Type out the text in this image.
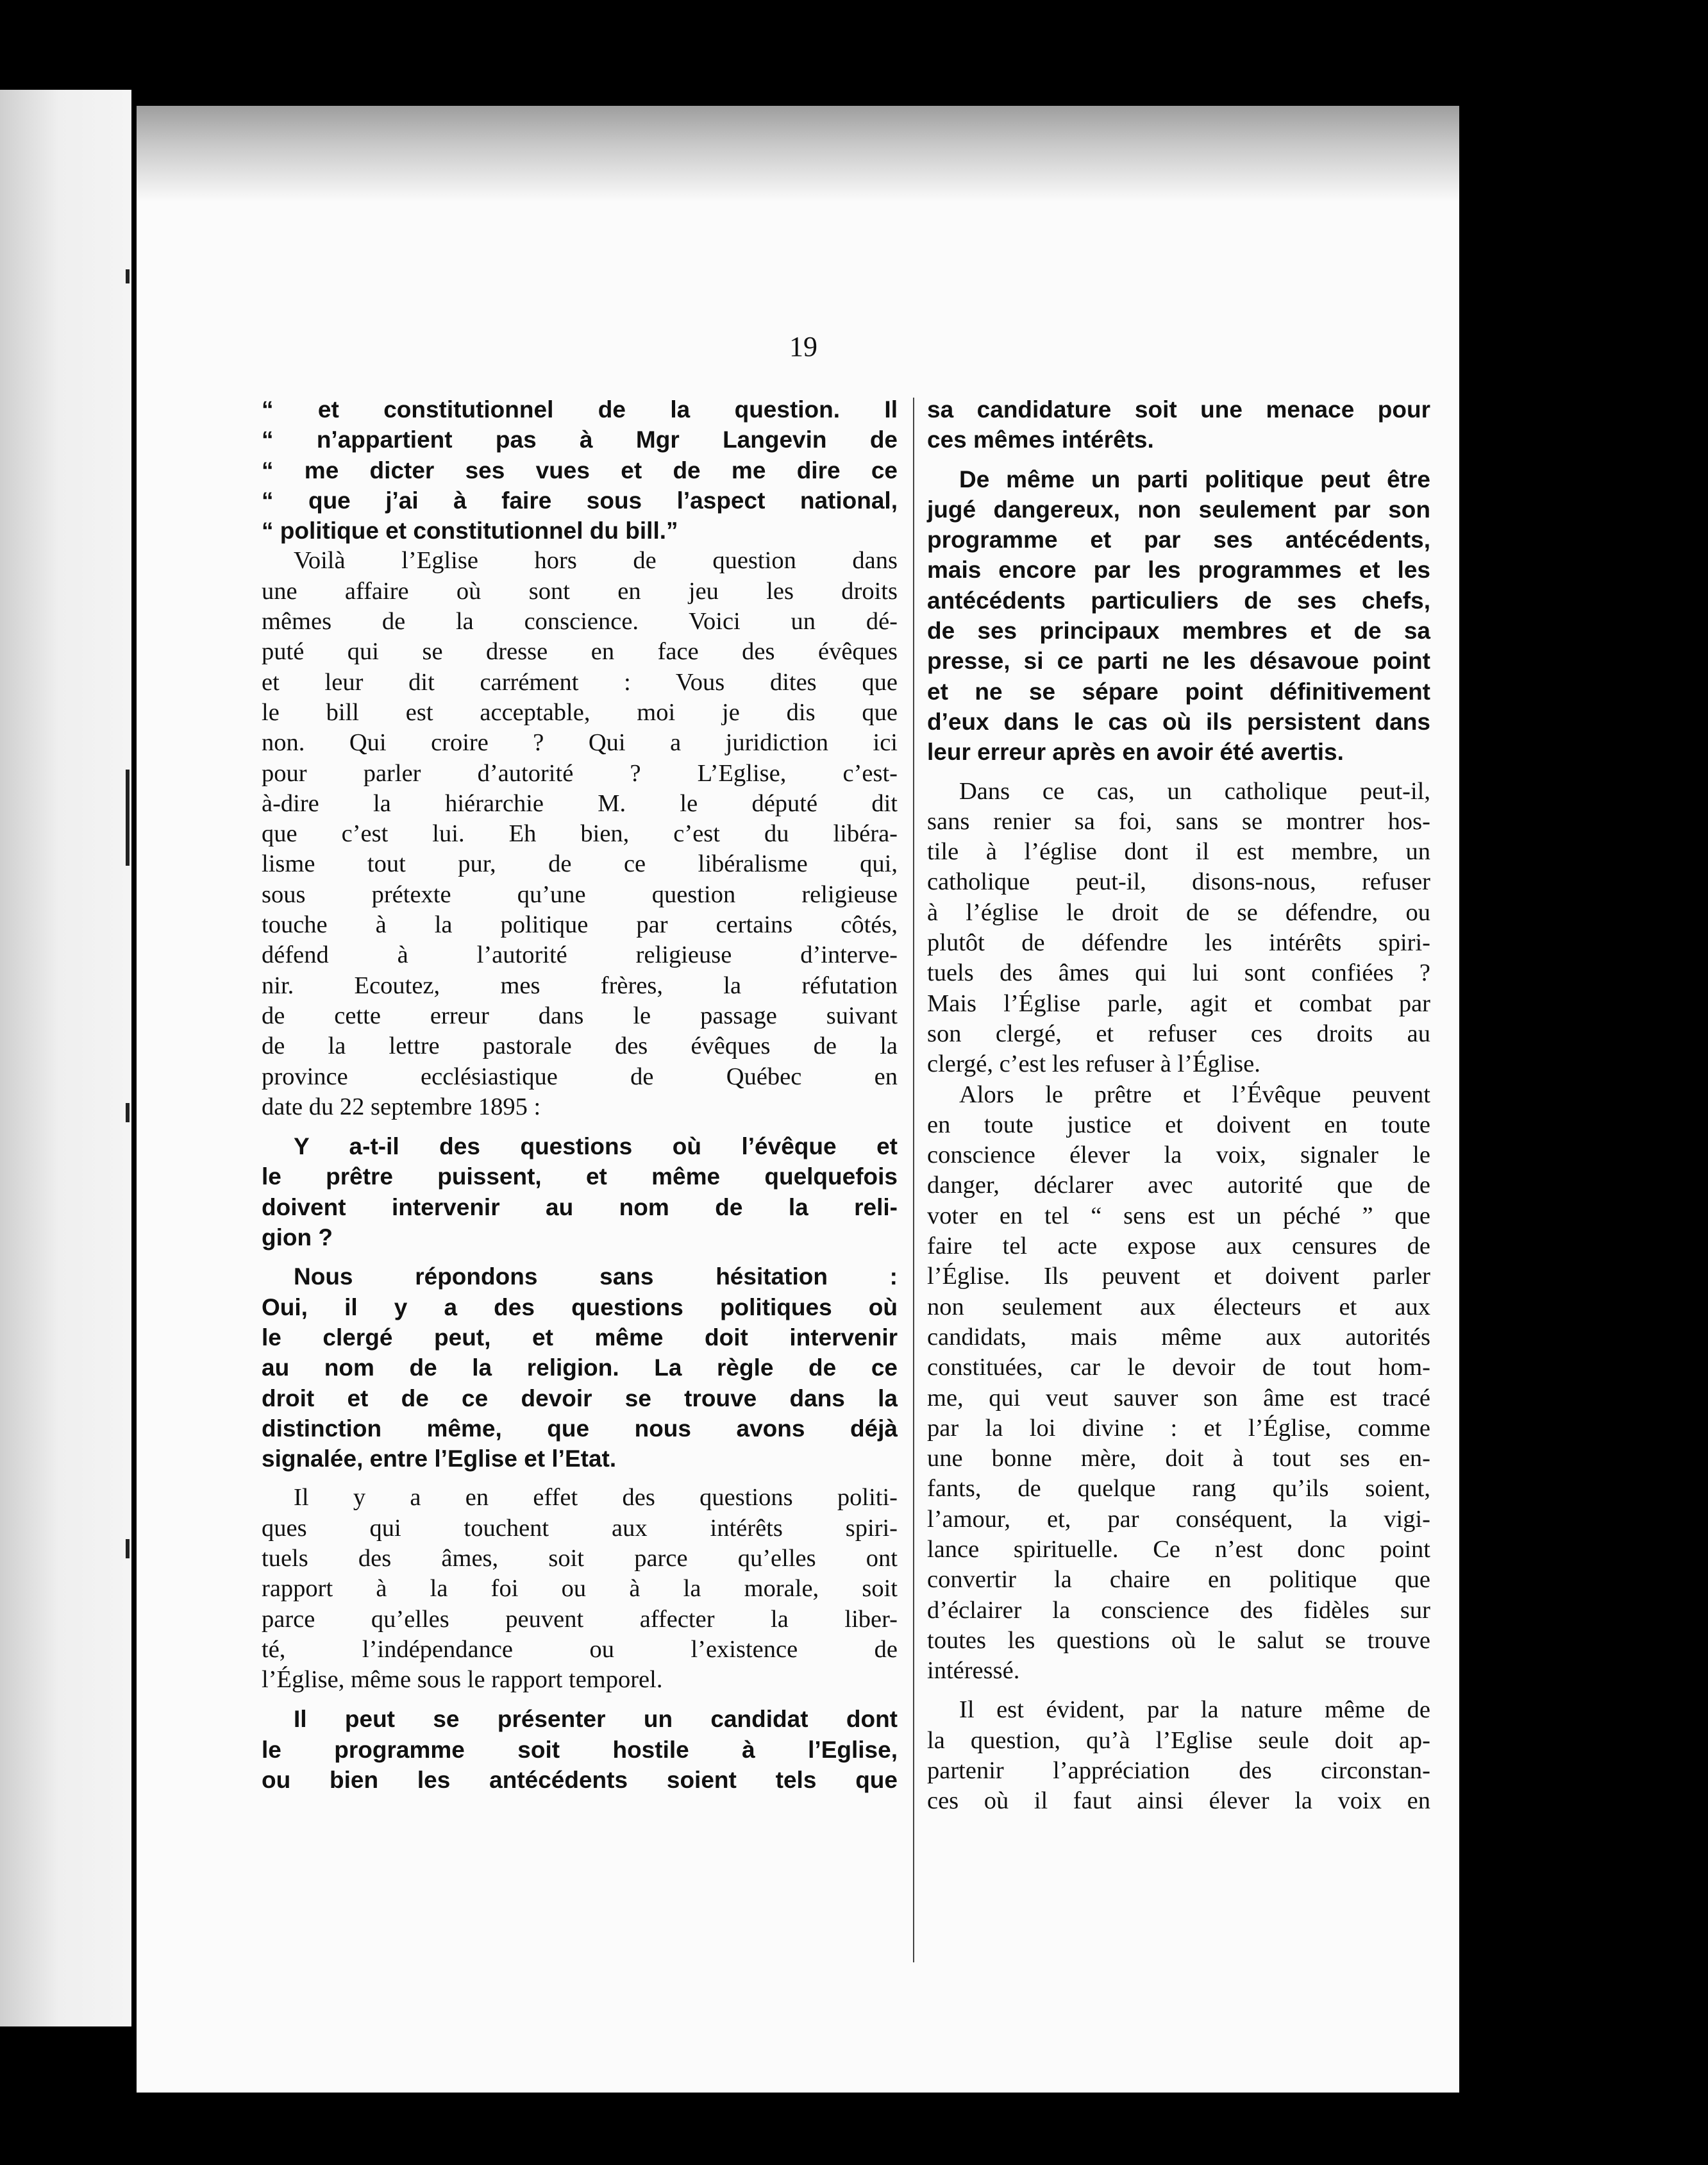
19
“ et constitutionnel de la question. Il
“ n’appartient pas à Mgr Langevin de
“ me dicter ses vues et de me dire ce
“ que j’ai à faire sous l’aspect national,
“ politique et constitutionnel du bill.”
Voilà l’Eglise hors de question dans
une affaire où sont en jeu les droits
mêmes de la conscience. Voici un dé-
puté qui se dresse en face des évêques
et leur dit carrément : Vous dites que
le bill est acceptable, moi je dis que
non. Qui croire ? Qui a juridiction ici
pour parler d’autorité ? L’Eglise, c’est-
à-dire la hiérarchie M. le député dit
que c’est lui. Eh bien, c’est du libéra-
lisme tout pur, de ce libéralisme qui,
sous prétexte qu’une question religieuse
touche à la politique par certains côtés,
défend à l’autorité religieuse d’interve-
nir. Ecoutez, mes frères, la réfutation
de cette erreur dans le passage suivant
de la lettre pastorale des évêques de la
province ecclésiastique de Québec en
date du 22 septembre 1895 :
Y a-t-il des questions où l’évêque et
le prêtre puissent, et même quelquefois
doivent intervenir au nom de la reli-
gion ?
Nous répondons sans hésitation :
Oui, il y a des questions politiques où
le clergé peut, et même doit intervenir
au nom de la religion. La règle de ce
droit et de ce devoir se trouve dans la
distinction même, que nous avons déjà
signalée, entre l’Eglise et l’Etat.
Il y a en effet des questions politi-
ques qui touchent aux intérêts spiri-
tuels des âmes, soit parce qu’elles ont
rapport à la foi ou à la morale, soit
parce qu’elles peuvent affecter la liber-
té, l’indépendance ou l’existence de
l’Église, même sous le rapport temporel.
Il peut se présenter un candidat dont
le programme soit hostile à l’Eglise,
ou bien les antécédents soient tels que
sa candidature soit une menace pour
ces mêmes intérêts.
De même un parti politique peut être
jugé dangereux, non seulement par son
programme et par ses antécédents,
mais encore par les programmes et les
antécédents particuliers de ses chefs,
de ses principaux membres et de sa
presse, si ce parti ne les désavoue point
et ne se sépare point définitivement
d’eux dans le cas où ils persistent dans
leur erreur après en avoir été avertis.
Dans ce cas, un catholique peut-il,
sans renier sa foi, sans se montrer hos-
tile à l’église dont il est membre, un
catholique peut-il, disons-nous, refuser
à l’église le droit de se défendre, ou
plutôt de défendre les intérêts spiri-
tuels des âmes qui lui sont confiées ?
Mais l’Église parle, agit et combat par
son clergé, et refuser ces droits au
clergé, c’est les refuser à l’Église.
Alors le prêtre et l’Évêque peuvent
en toute justice et doivent en toute
conscience élever la voix, signaler le
danger, déclarer avec autorité que de
voter en tel “ sens est un péché ” que
faire tel acte expose aux censures de
l’Église. Ils peuvent et doivent parler
non seulement aux électeurs et aux
candidats, mais même aux autorités
constituées, car le devoir de tout hom-
me, qui veut sauver son âme est tracé
par la loi divine : et l’Église, comme
une bonne mère, doit à tout ses en-
fants, de quelque rang qu’ils soient,
l’amour, et, par conséquent, la vigi-
lance spirituelle. Ce n’est donc point
convertir la chaire en politique que
d’éclairer la conscience des fidèles sur
toutes les questions où le salut se trouve
intéressé.
Il est évident, par la nature même de
la question, qu’à l’Eglise seule doit ap-
partenir l’appréciation des circonstan-
ces où il faut ainsi élever la voix en
